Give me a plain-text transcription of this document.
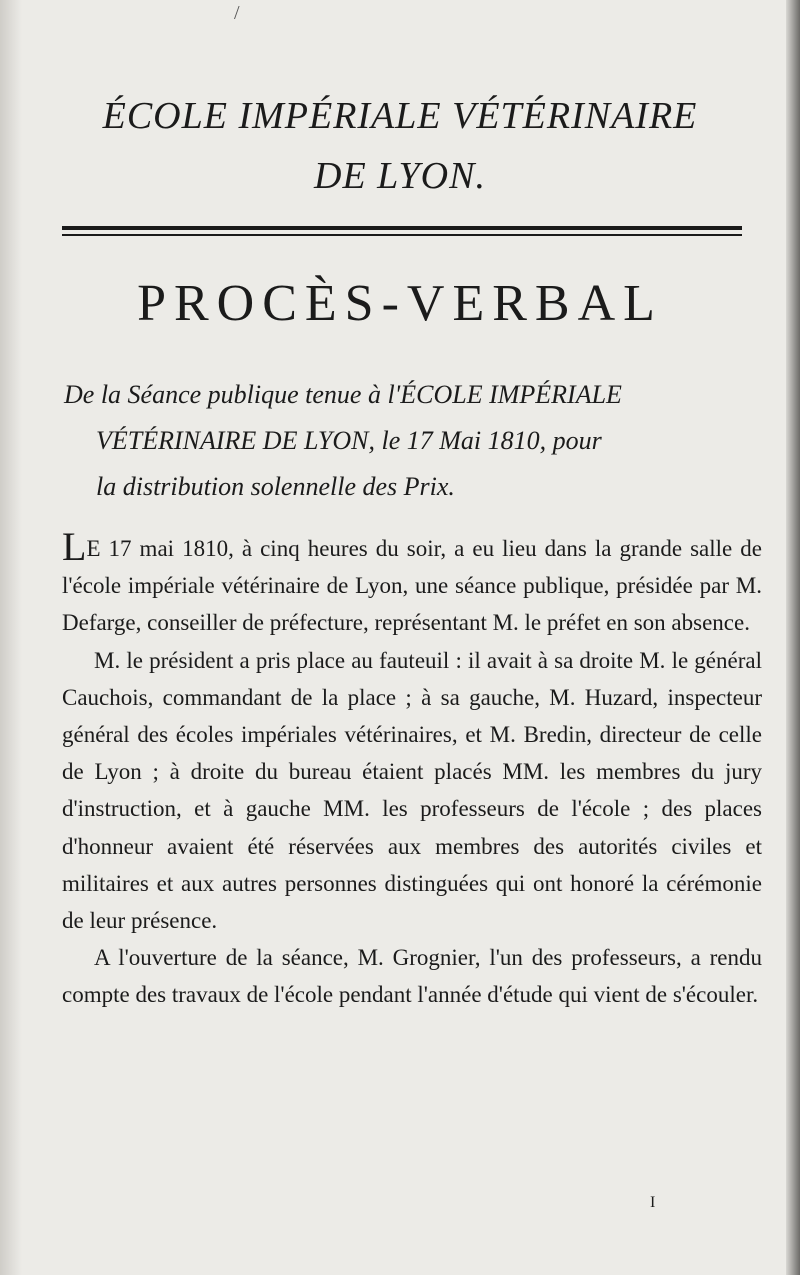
/
ÉCOLE IMPÉRIALE VÉTÉRINAIRE
DE LYON.
PROCÈS-VERBAL
De la Séance publique tenue à l'ÉCOLE IMPÉRIALE
VÉTÉRINAIRE DE LYON, le 17 Mai 1810, pour
la distribution solennelle des Prix.

LE 17 mai 1810, à cinq heures du soir, a eu lieu dans la grande salle de l'école impériale vétérinaire de Lyon, une séance publique, présidée par M. Defarge, conseiller de préfecture, représentant M. le préfet en son absence.

M. le président a pris place au fauteuil : il avait à sa droite M. le général Cauchois, commandant de la place ; à sa gauche, M. Huzard, inspecteur général des écoles impériales vétérinaires, et M. Bredin, directeur de celle de Lyon ; à droite du bureau étaient placés MM. les membres du jury d'instruction, et à gauche MM. les professeurs de l'école ; des places d'honneur avaient été réservées aux membres des autorités civiles et militaires et aux autres personnes distinguées qui ont honoré la cérémonie de leur présence.

A l'ouverture de la séance, M. Grognier, l'un des professeurs, a rendu compte des travaux de l'école pendant l'année d'étude qui vient de s'écouler.

I
